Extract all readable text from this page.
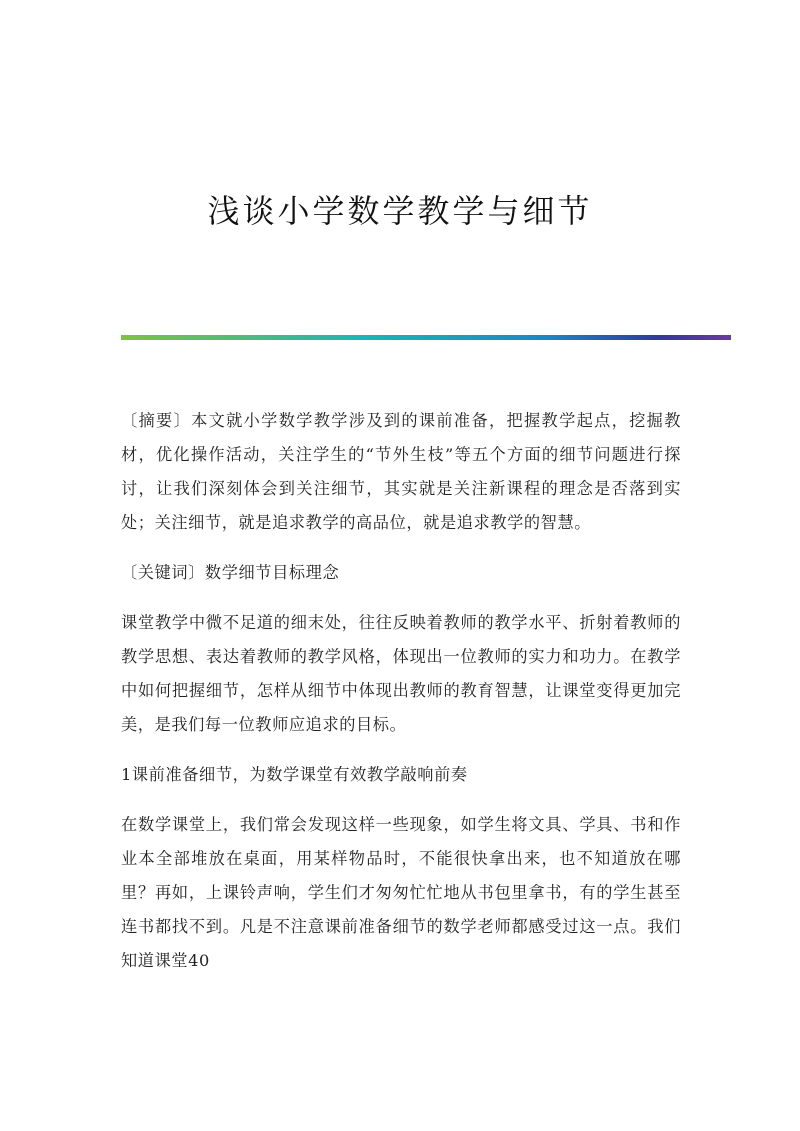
浅谈小学数学教学与细节

〔摘要〕本文就小学数学教学涉及到的课前准备，把握教学起点，挖掘教材，优化操作活动，关注学生的“节外生枝”等五个方面的细节问题进行探讨，让我们深刻体会到关注细节，其实就是关注新课程的理念是否落到实处；关注细节，就是追求教学的高品位，就是追求教学的智慧。

〔关键词〕数学细节目标理念

课堂教学中微不足道的细末处，往往反映着教师的教学水平、折射着教师的教学思想、表达着教师的教学风格，体现出一位教师的实力和功力。在教学中如何把握细节，怎样从细节中体现出教师的教育智慧，让课堂变得更加完美，是我们每一位教师应追求的目标。

1课前准备细节，为数学课堂有效教学敲响前奏

在数学课堂上，我们常会发现这样一些现象，如学生将文具、学具、书和作业本全部堆放在桌面，用某样物品时，不能很快拿出来，也不知道放在哪里？再如，上课铃声响，学生们才匆匆忙忙地从书包里拿书，有的学生甚至连书都找不到。凡是不注意课前准备细节的数学老师都感受过这一点。我们知道课堂40
